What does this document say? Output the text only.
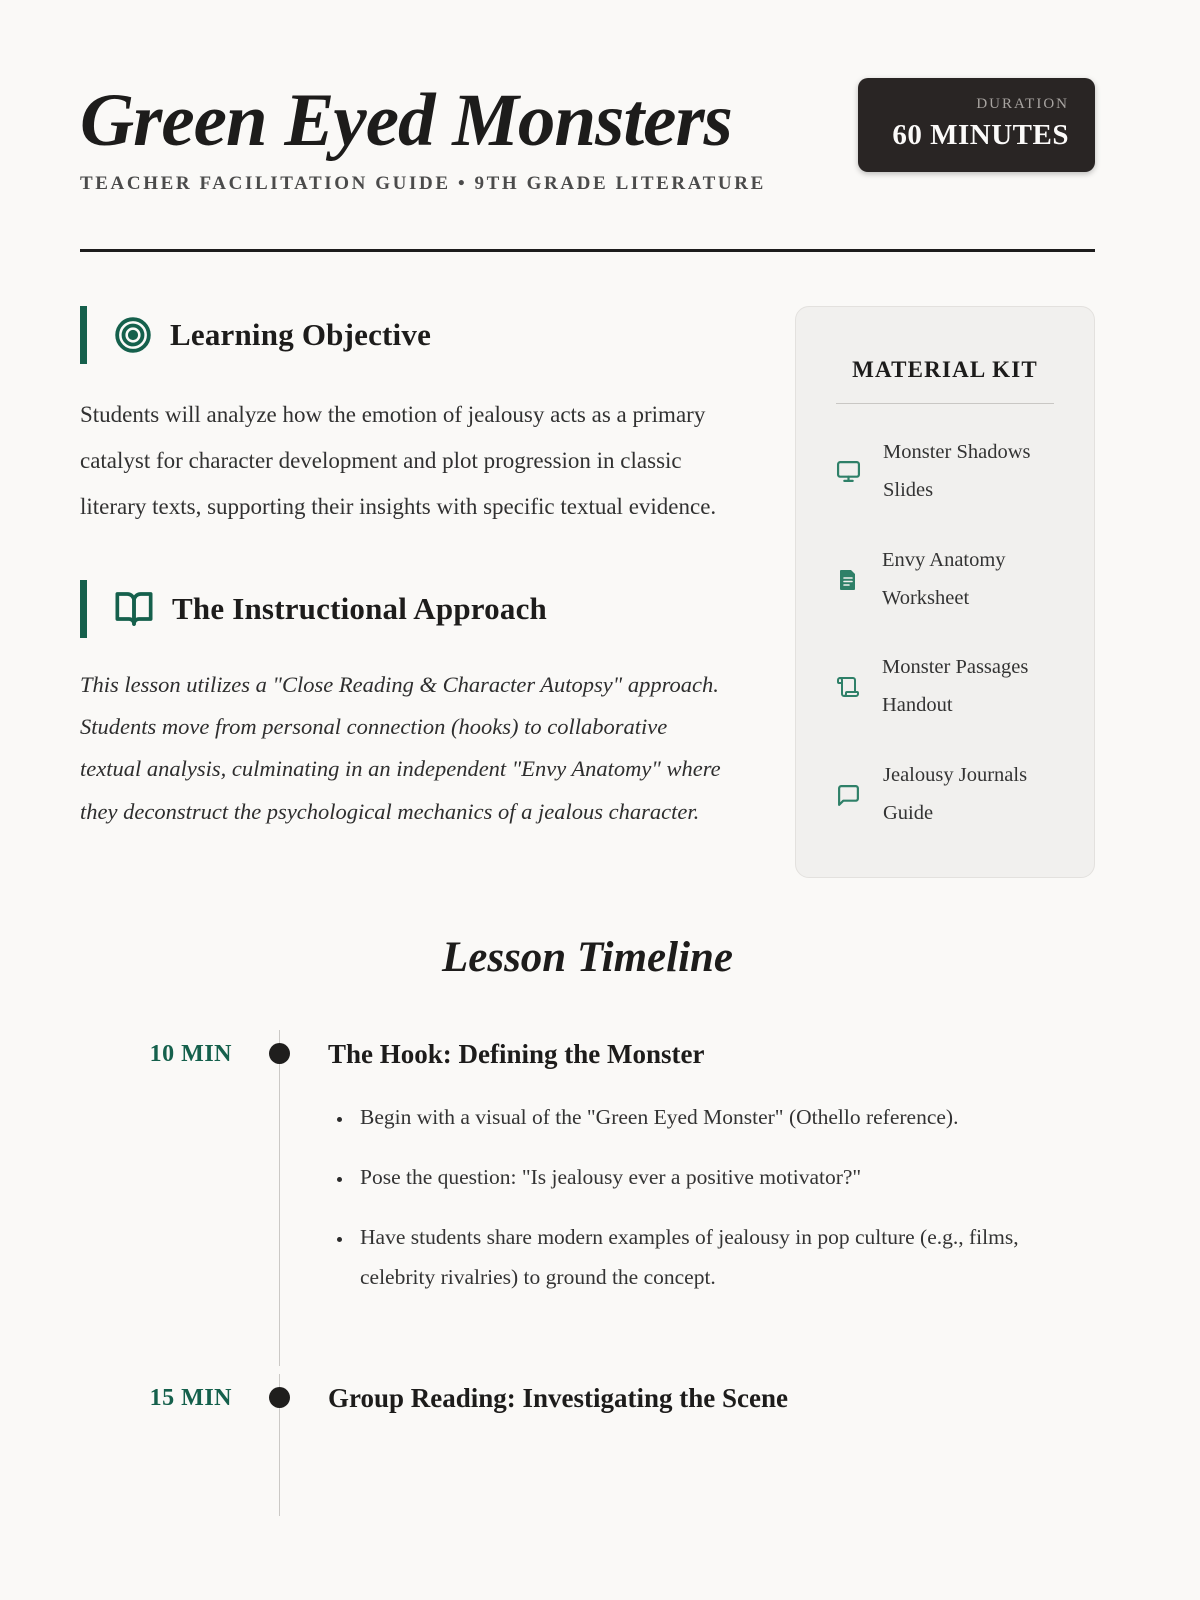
Green Eyed Monsters
TEACHER FACILITATION GUIDE • 9TH GRADE LITERATURE
DURATION
60 MINUTES
Learning Objective

Students will analyze how the emotion of jealousy acts as a primary catalyst for character development and plot progression in classic literary texts, supporting their insights with specific textual evidence.

The Instructional Approach

This lesson utilizes a "Close Reading & Character Autopsy" approach. Students move from personal connection (hooks) to collaborative textual analysis, culminating in an independent "Envy Anatomy" where they deconstruct the psychological mechanics of a jealous character.

MATERIAL KIT
Monster Shadows Slides
Envy Anatomy Worksheet
Monster Passages Handout
Jealousy Journals Guide
Lesson Timeline
10 MIN	The Hook: Defining the Monster
• Begin with a visual of the "Green Eyed Monster" (Othello reference).
• Pose the question: "Is jealousy ever a positive motivator?"
• Have students share modern examples of jealousy in pop culture (e.g., films, celebrity rivalries) to ground the concept.
15 MIN	Group Reading: Investigating the Scene
